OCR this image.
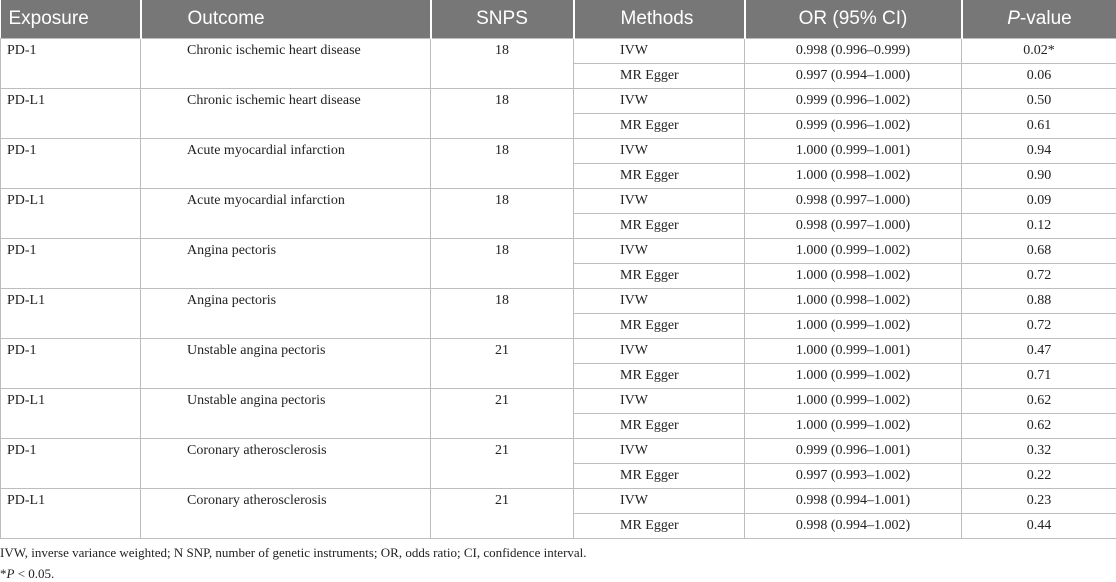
Exposure	Outcome	SNPS	Methods	OR (95% CI)	P-value
PD-1	Chronic ischemic heart disease	18	IVW	0.998 (0.996–0.999)	0.02*
			MR Egger	0.997 (0.994–1.000)	0.06
PD-L1	Chronic ischemic heart disease	18	IVW	0.999 (0.996–1.002)	0.50
			MR Egger	0.999 (0.996–1.002)	0.61
PD-1	Acute myocardial infarction	18	IVW	1.000 (0.999–1.001)	0.94
			MR Egger	1.000 (0.998–1.002)	0.90
PD-L1	Acute myocardial infarction	18	IVW	0.998 (0.997–1.000)	0.09
			MR Egger	0.998 (0.997–1.000)	0.12
PD-1	Angina pectoris	18	IVW	1.000 (0.999–1.002)	0.68
			MR Egger	1.000 (0.998–1.002)	0.72
PD-L1	Angina pectoris	18	IVW	1.000 (0.998–1.002)	0.88
			MR Egger	1.000 (0.999–1.002)	0.72
PD-1	Unstable angina pectoris	21	IVW	1.000 (0.999–1.001)	0.47
			MR Egger	1.000 (0.999–1.002)	0.71
PD-L1	Unstable angina pectoris	21	IVW	1.000 (0.999–1.002)	0.62
			MR Egger	1.000 (0.999–1.002)	0.62
PD-1	Coronary atherosclerosis	21	IVW	0.999 (0.996–1.001)	0.32
			MR Egger	0.997 (0.993–1.002)	0.22
PD-L1	Coronary atherosclerosis	21	IVW	0.998 (0.994–1.001)	0.23
			MR Egger	0.998 (0.994–1.002)	0.44
IVW, inverse variance weighted; N SNP, number of genetic instruments; OR, odds ratio; CI, confidence interval.
*P < 0.05.
